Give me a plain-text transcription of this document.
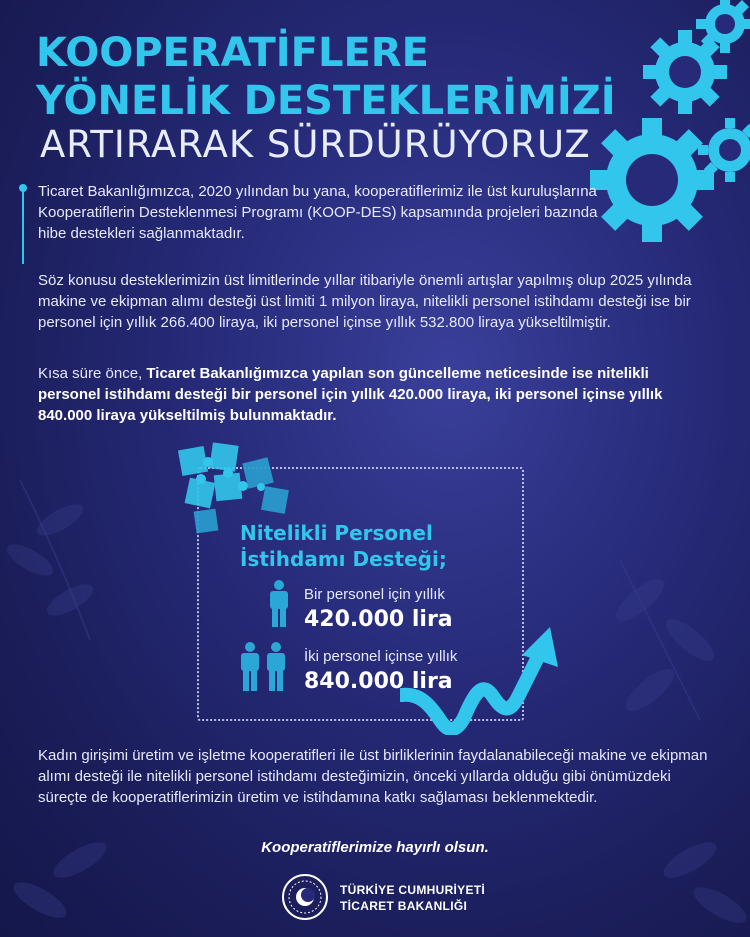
KOOPERATİFLERE
YÖNELİK DESTEKLERİMİZİ
ARTIRARAK SÜRDÜRÜYORUZ
Ticaret Bakanlığımızca, 2020 yılından bu yana, kooperatiflerimiz ile üst kuruluşlarına Kooperatiflerin Desteklenmesi Programı (KOOP-DES) kapsamında projeleri bazında hibe destekleri sağlanmaktadır.
Söz konusu desteklerimizin üst limitlerinde yıllar itibariyle önemli artışlar yapılmış olup 2025 yılında makine ve ekipman alımı desteği üst limiti 1 milyon liraya, nitelikli personel istihdamı desteği ise bir personel için yıllık 266.400 liraya, iki personel içinse yıllık 532.800 liraya yükseltilmiştir.
Kısa süre önce, Ticaret Bakanlığımızca yapılan son güncelleme neticesinde ise nitelikli personel istihdamı desteği bir personel için yıllık 420.000 liraya, iki personel içinse yıllık 840.000 liraya yükseltilmiş bulunmaktadır.
Nitelikli Personel
İstihdamı Desteği;
Bir personel için yıllık
420.000 lira
İki personel içinse yıllık
840.000 lira
Kadın girişimi üretim ve işletme kooperatifleri ile üst birliklerinin faydalanabileceği makine ve ekipman alımı desteği ile nitelikli personel istihdamı desteğimizin, önceki yıllarda olduğu gibi önümüzdeki süreçte de kooperatiflerimizin üretim ve istihdamına katkı sağlaması beklenmektedir.
Kooperatiflerimize hayırlı olsun.
TÜRKİYE CUMHURİYETİ
TİCARET BAKANLIĞI
